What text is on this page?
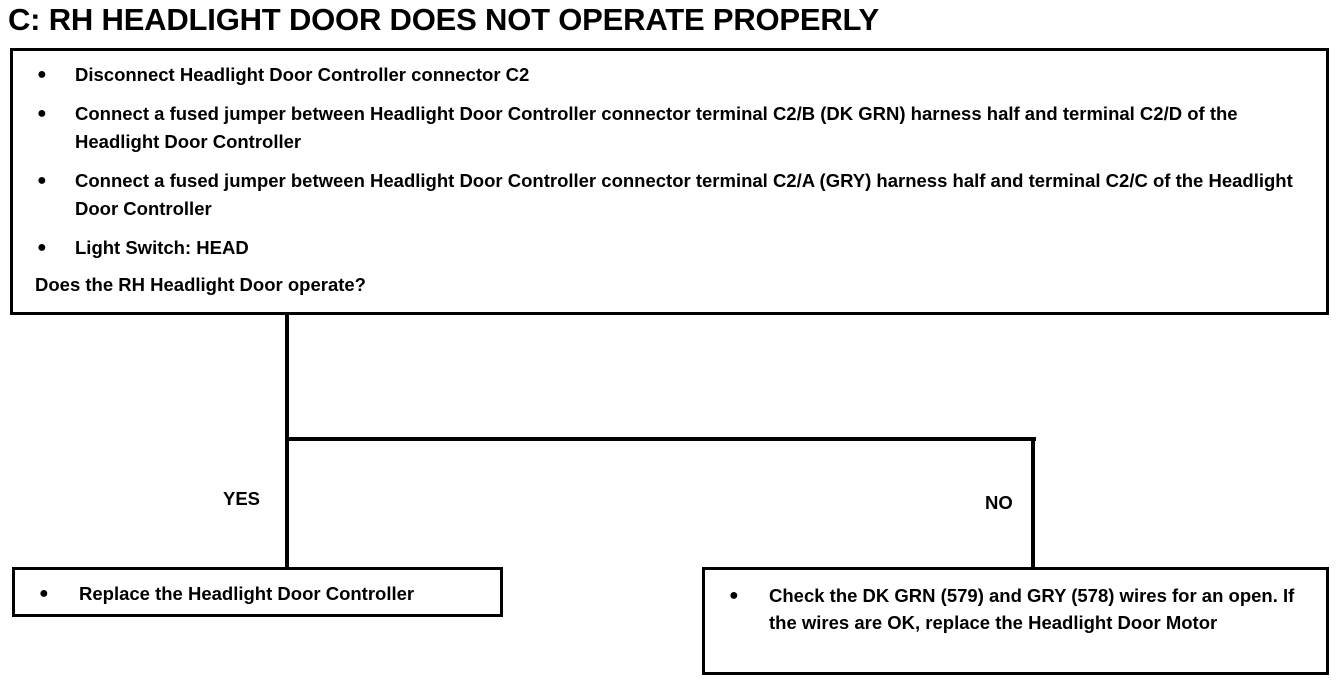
C: RH HEADLIGHT DOOR DOES NOT OPERATE PROPERLY
● Disconnect Headlight Door Controller connector C2
● Connect a fused jumper between Headlight Door Controller connector terminal C2/B (DK GRN) harness half and terminal C2/D of the Headlight Door Controller
● Connect a fused jumper between Headlight Door Controller connector terminal C2/A (GRY) harness half and terminal C2/C of the Headlight Door Controller
● Light Switch: HEAD
Does the RH Headlight Door operate?
YES	NO
● Replace the Headlight Door Controller	● Check the DK GRN (579) and GRY (578) wires for an open. If the wires are OK, replace the Headlight Door Motor
